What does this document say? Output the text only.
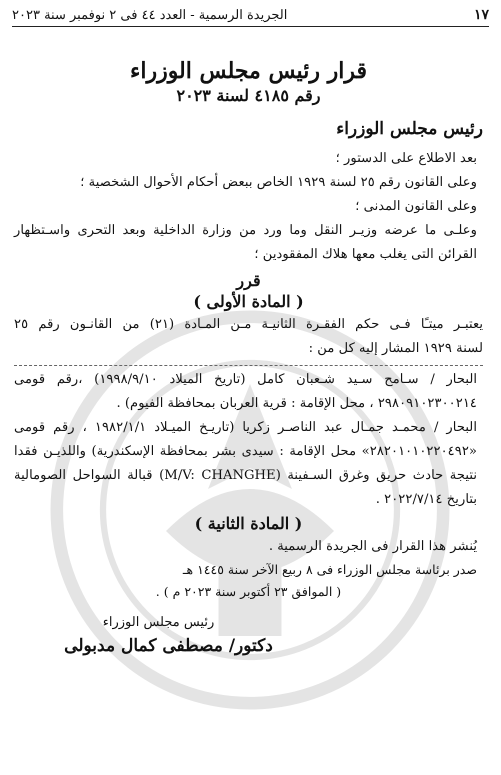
١٧
الجريدة الرسمية - العدد ٤٤ فى ٢ نوفمبر سنة ٢٠٢٣
قرار رئيس مجلس الوزراء
رقم ٤١٨٥ لسنة ٢٠٢٣
رئيس مجلس الوزراء

بعد الاطلاع على الدستور ؛

وعلى القانون رقم ٢٥ لسنة ١٩٢٩ الخاص ببعض أحكام الأحوال الشخصية ؛

وعلى القانون المدنى ؛

وعلـى ما عرضه وزيـر النقل وما ورد من وزارة الداخلية وبعد التحرى واسـتظهار القرائن التى يغلب معها هلاك المفقودين ؛

قرر
( المادة الأولى )

يعتبـر ميتـًا فـى حكم الفقـرة الثانيـة مـن المـادة (٢١) من القانـون رقم ٢٥

لسنة ١٩٢٩ المشار إليه كل من :

البحار / سـامح سـيد شـعبان كامل (تاريخ الميلاد ١٩٩٨/٩/١٠) ،رقم قومى ٢٩٨٠٩١٠٢٣٠٠٢١٤ ، محل الإقامة : قرية العربان بمحافظة الفيوم) .

البحار / محمـد جمـال عبد الناصـر زكريا (تاريـخ الميـلاد ١٩٨٢/١/١ ، رقم قومى «٢٨٢٠١٠١٠٢٢٠٤٩٢» محل الإقامة : سيدى بشر بمحافظة الإسكندرية) واللذيـن فقدا نتيجة حادث حريق وغرق السـفينة (M/V: CHANGHE) قبالة السواحل الصومالية بتاريخ ٢٠٢٢/٧/١٤ .

( المادة الثانية )

يُنشر هذا القرار فى الجريدة الرسمية .

صدر برئاسة مجلس الوزراء فى ٨ ربيع الآخر سنة ١٤٤٥ هـ

( الموافق ٢٣ أكتوبر سنة ٢٠٢٣ م ) .

رئيس مجلس الوزراء
دكتور/ مصطفى كمال مدبولى
